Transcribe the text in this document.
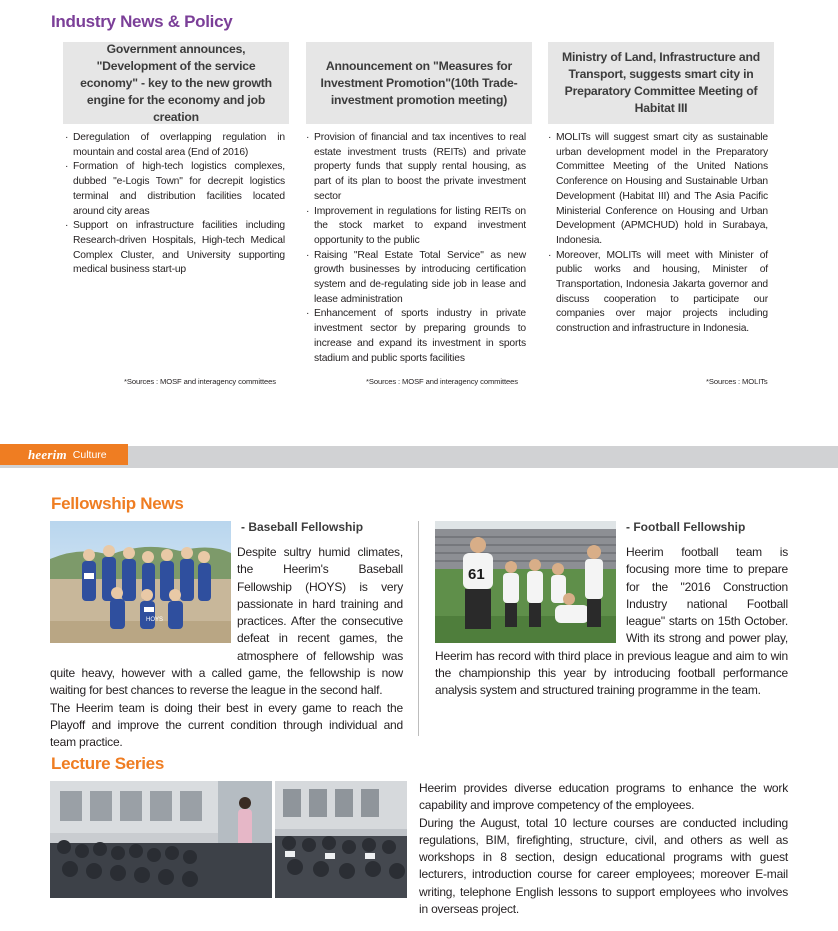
Industry News & Policy
Government announces, "Development of the service economy" - key to the new growth engine for the economy and job creation
· Deregulation of overlapping regulation in mountain and costal area (End of 2016)
· Formation of high-tech logistics complexes, dubbed "e-Logis Town" for decrepit logistics terminal and distribution facilities located around city areas
· Support on infrastructure facilities including Research-driven Hospitals, High-tech Medical Complex Cluster, and University supporting medical business start-up
*Sources : MOSF and interagency committees
Announcement on "Measures for Investment Promotion"(10th Trade-investment promotion meeting)
· Provision of financial and tax incentives to real estate investment trusts (REITs) and private property funds that supply rental housing, as part of its plan to boost the private investment sector
· Improvement in regulations for listing REITs on the stock market to expand investment opportunity to the public
· Raising "Real Estate Total Service" as new growth businesses by introducing certification system and de-regulating side job in lease and lease administration
· Enhancement of sports industry in private investment sector by preparing grounds to increase and expand its investment in sports stadium and public sports facilities
*Sources : MOSF and interagency committees
Ministry of Land, Infrastructure and Transport, suggests smart city in Preparatory Committee Meeting of Habitat III
· MOLITs will suggest smart city as sustainable urban development model in the Preparatory Committee Meeting of the United Nations Conference on Housing and Sustainable Urban Development (Habitat III) and The Asia Pacific Ministerial Conference on Housing and Urban Development (APMCHUD) hold in Surabaya, Indonesia.
· Moreover, MOLITs will meet with Minister of public works and housing, Minister of Transportation, Indonesia Jakarta governor and discuss cooperation to participate our companies over major projects including construction and infrastructure in Indonesia.
*Sources : MOLITs
heerim Culture
Fellowship News
HOYS
- Baseball Fellowship

Despite sultry humid climates, the Heerim's Baseball Fellowship (HOYS) is very passionate in hard training and practices. After the consecutive defeat in recent games, the atmosphere of fellowship was quite heavy, however with a called game, the fellowship is now waiting for best chances to reverse the league in the second half.

The Heerim team is doing their best in every game to reach the Playoff and improve the current condition through individual and team practice.

61
- Football Fellowship

Heerim football team is focusing more time to prepare for the "2016 Construction Industry national Football league" starts on 15th October. With its strong and power play, Heerim has record with third place in previous league and aim to win the championship this year by introducing football performance analysis system and structured training programme in the team.

Lecture Series

Heerim provides diverse education programs to enhance the work capability and improve competency of the employees.

During the August, total 10 lecture courses are conducted including regulations, BIM, firefighting, structure, civil, and others as well as workshops in 8 section, design educational programs with guest lecturers, introduction course for career employees; moreover E-mail writing, telephone English lessons to support employees who involves in overseas project.
